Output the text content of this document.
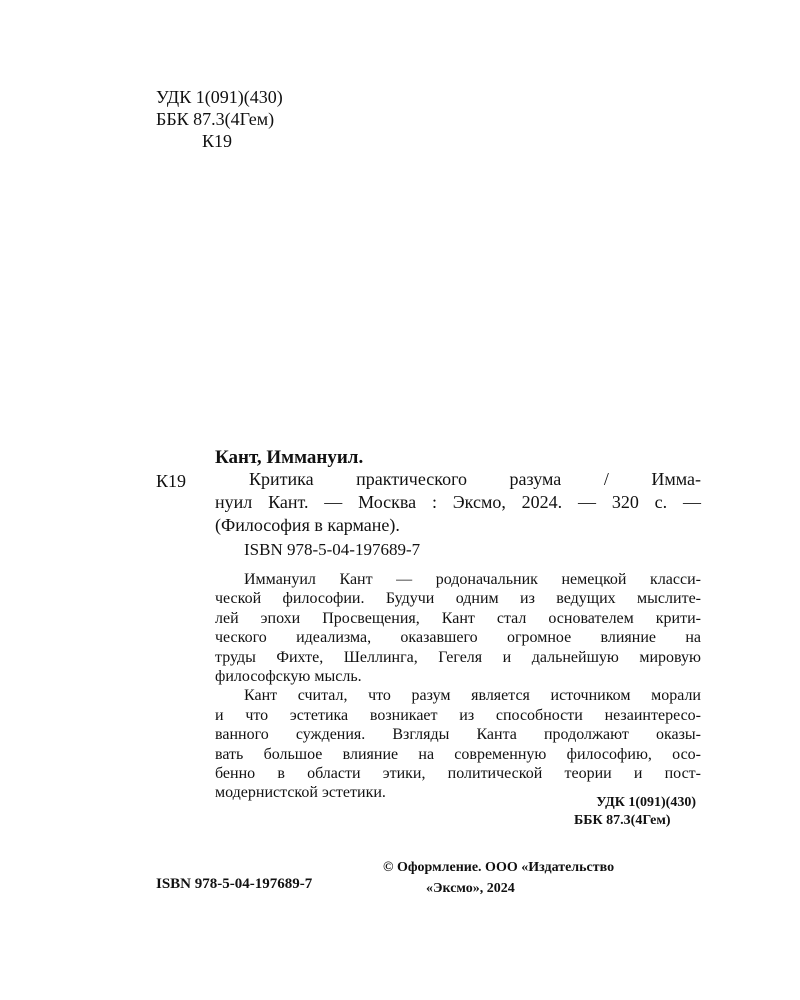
УДК 1(091)(430)
ББК 87.3(4Гем)
К19
Кант, Иммануил.
К19	Критика практического разума / Имма-
нуил Кант. — Москва : Эксмо, 2024. — 320 с. —
(Философия в кармане).
ISBN 978-5-04-197689-7
Иммануил Кант — родоначальник немецкой класси-
ческой философии. Будучи одним из ведущих мыслите-
лей эпохи Просвещения, Кант стал основателем крити-
ческого идеализма, оказавшего огромное влияние на
труды Фихте, Шеллинга, Гегеля и дальнейшую мировую
философскую мысль.
Кант считал, что разум является источником морали
и что эстетика возникает из способности незаинтересо-
ванного суждения. Взгляды Канта продолжают оказы-
вать большое влияние на современную философию, осо-
бенно в области этики, политической теории и пост-
модернистской эстетики.
УДК 1(091)(430)
ББК 87.3(4Гем)
© Оформление. ООО «Издательство
«Эксмо», 2024
ISBN 978-5-04-197689-7
